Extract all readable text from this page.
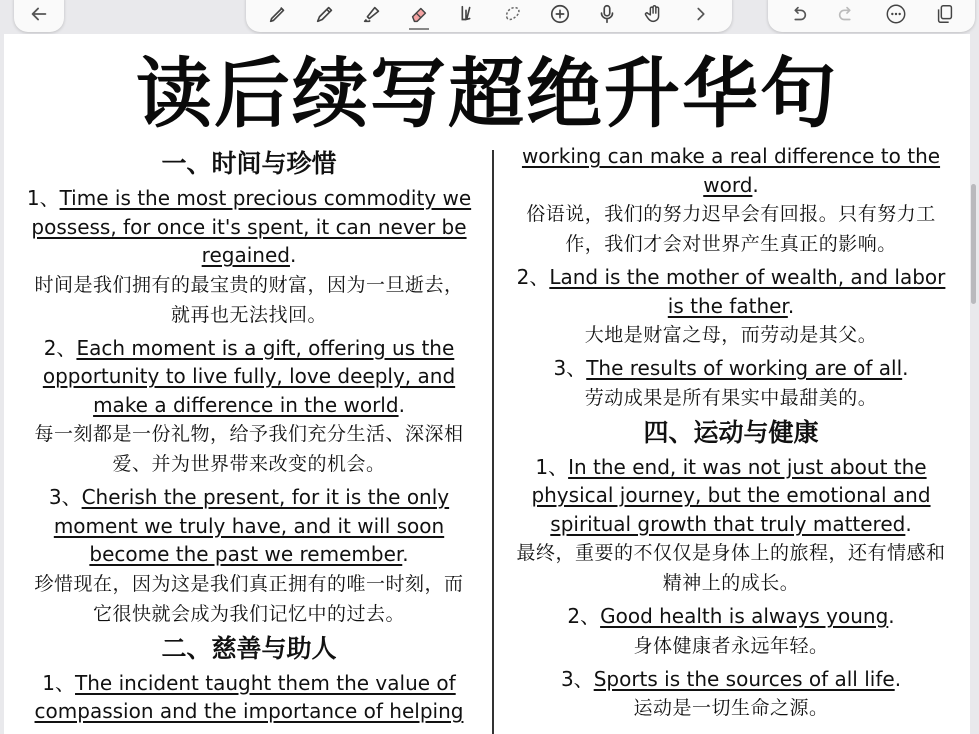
读后续写超绝升华句
一、时间与珍惜
1、Time is the most precious commodity we possess, for once it's spent, it can never be regained.
时间是我们拥有的最宝贵的财富，因为一旦逝去，就再也无法找回。
2、Each moment is a gift, offering us the opportunity to live fully, love deeply, and make a difference in the world.
每一刻都是一份礼物，给予我们充分生活、深深相爱、并为世界带来改变的机会。
3、Cherish the present, for it is the only moment we truly have, and it will soon become the past we remember.
珍惜现在，因为这是我们真正拥有的唯一时刻，而它很快就会成为我们记忆中的过去。
二、慈善与助人
1、The incident taught them the value of compassion and the importance of helping
working can make a real difference to the word.
俗语说，我们的努力迟早会有回报。只有努力工作，我们才会对世界产生真正的影响。
2、Land is the mother of wealth, and labor is the father.
大地是财富之母，而劳动是其父。
3、The results of working are of all.
劳动成果是所有果实中最甜美的。
四、运动与健康
1、In the end, it was not just about the physical journey, but the emotional and spiritual growth that truly mattered.
最终，重要的不仅仅是身体上的旅程，还有情感和精神上的成长。
2、Good health is always young.
身体健康者永远年轻。
3、Sports is the sources of all life.
运动是一切生命之源。
